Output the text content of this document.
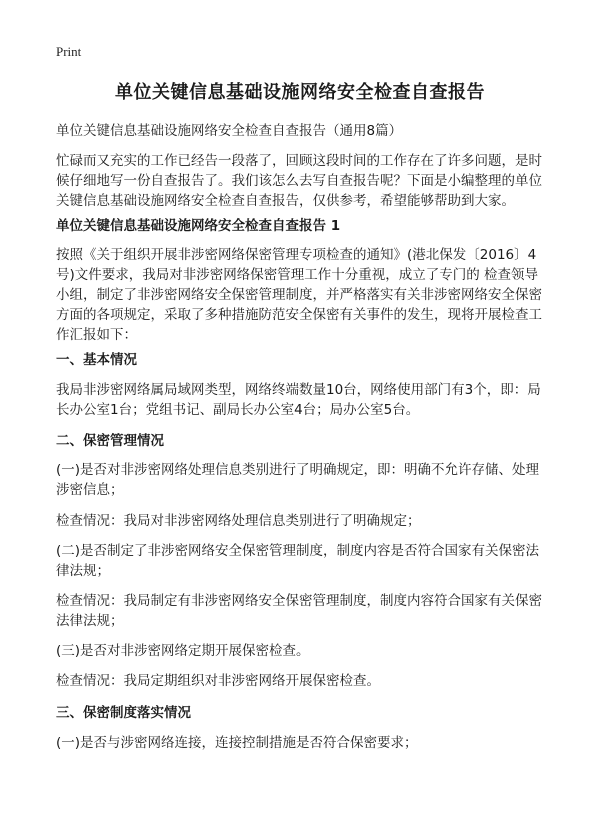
Print
单位关键信息基础设施网络安全检查自查报告

单位关键信息基础设施网络安全检查自查报告（通用8篇）

忙碌而又充实的工作已经告一段落了，回顾这段时间的工作存在了许多问题，是时候仔细地写一份自查报告了。我们该怎么去写自查报告呢？下面是小编整理的单位关键信息基础设施网络安全检查自查报告，仅供参考，希望能够帮助到大家。

单位关键信息基础设施网络安全检查自查报告 1

按照《关于组织开展非涉密网络保密管理专项检查的通知》(港北保发〔2016〕4号)文件要求，我局对非涉密网络保密管理工作十分重视，成立了专门的 检查领导小组，制定了非涉密网络安全保密管理制度，并严格落实有关非涉密网络安全保密方面的各项规定，采取了多种措施防范安全保密有关事件的发生，现将开展检查工作汇报如下：

一、基本情况

我局非涉密网络属局域网类型，网络终端数量10台，网络使用部门有3个，即：局长办公室1台；党组书记、副局长办公室4台；局办公室5台。

二、保密管理情况

(一)是否对非涉密网络处理信息类别进行了明确规定，即：明确不允许存储、处理涉密信息；

检查情况：我局对非涉密网络处理信息类别进行了明确规定；

(二)是否制定了非涉密网络安全保密管理制度，制度内容是否符合国家有关保密法律法规；

检查情况：我局制定有非涉密网络安全保密管理制度，制度内容符合国家有关保密法律法规；

(三)是否对非涉密网络定期开展保密检查。

检查情况：我局定期组织对非涉密网络开展保密检查。

三、保密制度落实情况

(一)是否与涉密网络连接，连接控制措施是否符合保密要求；
